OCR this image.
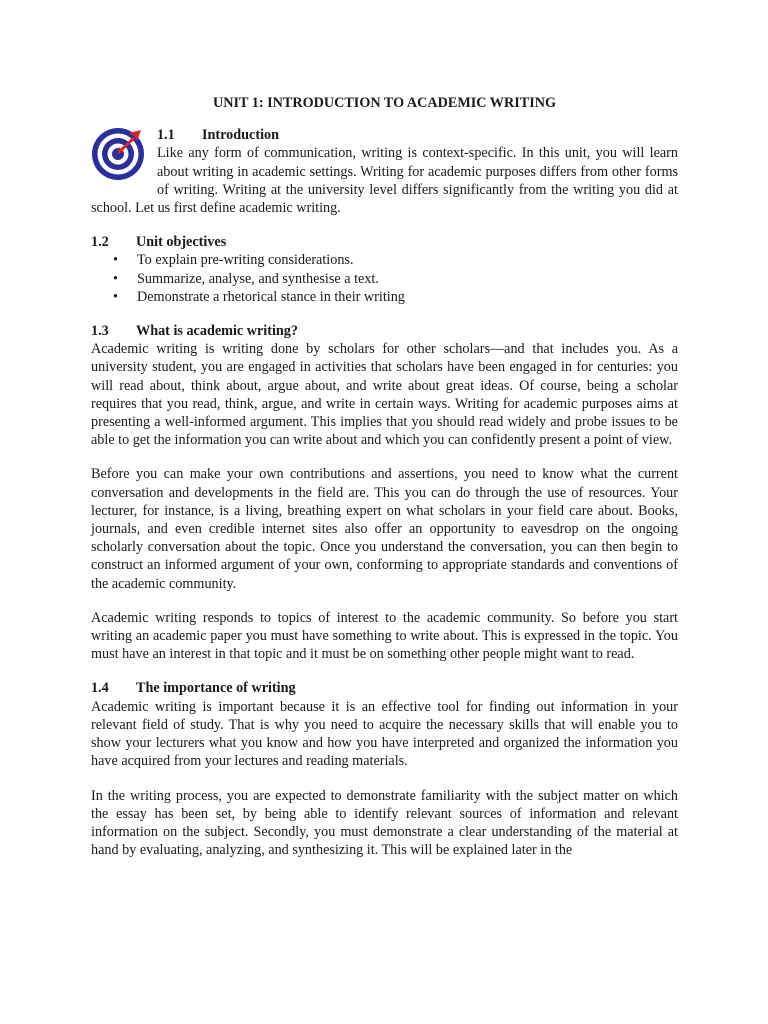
UNIT 1: INTRODUCTION TO ACADEMIC WRITING
1.1 Introduction

Like any form of communication, writing is context-specific. In this unit, you will learn about writing in academic settings. Writing for academic purposes differs from other forms of writing. Writing at the university level differs significantly from the writing you did at school. Let us first define academic writing.

1.2 Unit objectives
• To explain pre-writing considerations.
• Summarize, analyse, and synthesise a text.
• Demonstrate a rhetorical stance in their writing
1.3 What is academic writing?

Academic writing is writing done by scholars for other scholars—and that includes you. As a university student, you are engaged in activities that scholars have been engaged in for centuries: you will read about, think about, argue about, and write about great ideas. Of course, being a scholar requires that you read, think, argue, and write in certain ways. Writing for academic purposes aims at presenting a well-informed argument. This implies that you should read widely and probe issues to be able to get the information you can write about and which you can confidently present a point of view.

Before you can make your own contributions and assertions, you need to know what the current conversation and developments in the field are. This you can do through the use of resources. Your lecturer, for instance, is a living, breathing expert on what scholars in your field care about. Books, journals, and even credible internet sites also offer an opportunity to eavesdrop on the ongoing scholarly conversation about the topic. Once you understand the conversation, you can then begin to construct an informed argument of your own, conforming to appropriate standards and conventions of the academic community.

Academic writing responds to topics of interest to the academic community. So before you start writing an academic paper you must have something to write about. This is expressed in the topic. You must have an interest in that topic and it must be on something other people might want to read.

1.4 The importance of writing

Academic writing is important because it is an effective tool for finding out information in your relevant field of study. That is why you need to acquire the necessary skills that will enable you to show your lecturers what you know and how you have interpreted and organized the information you have acquired from your lectures and reading materials.

In the writing process, you are expected to demonstrate familiarity with the subject matter on which the essay has been set, by being able to identify relevant sources of information and relevant information on the subject. Secondly, you must demonstrate a clear understanding of the material at hand by evaluating, analyzing, and synthesizing it. This will be explained later in the
